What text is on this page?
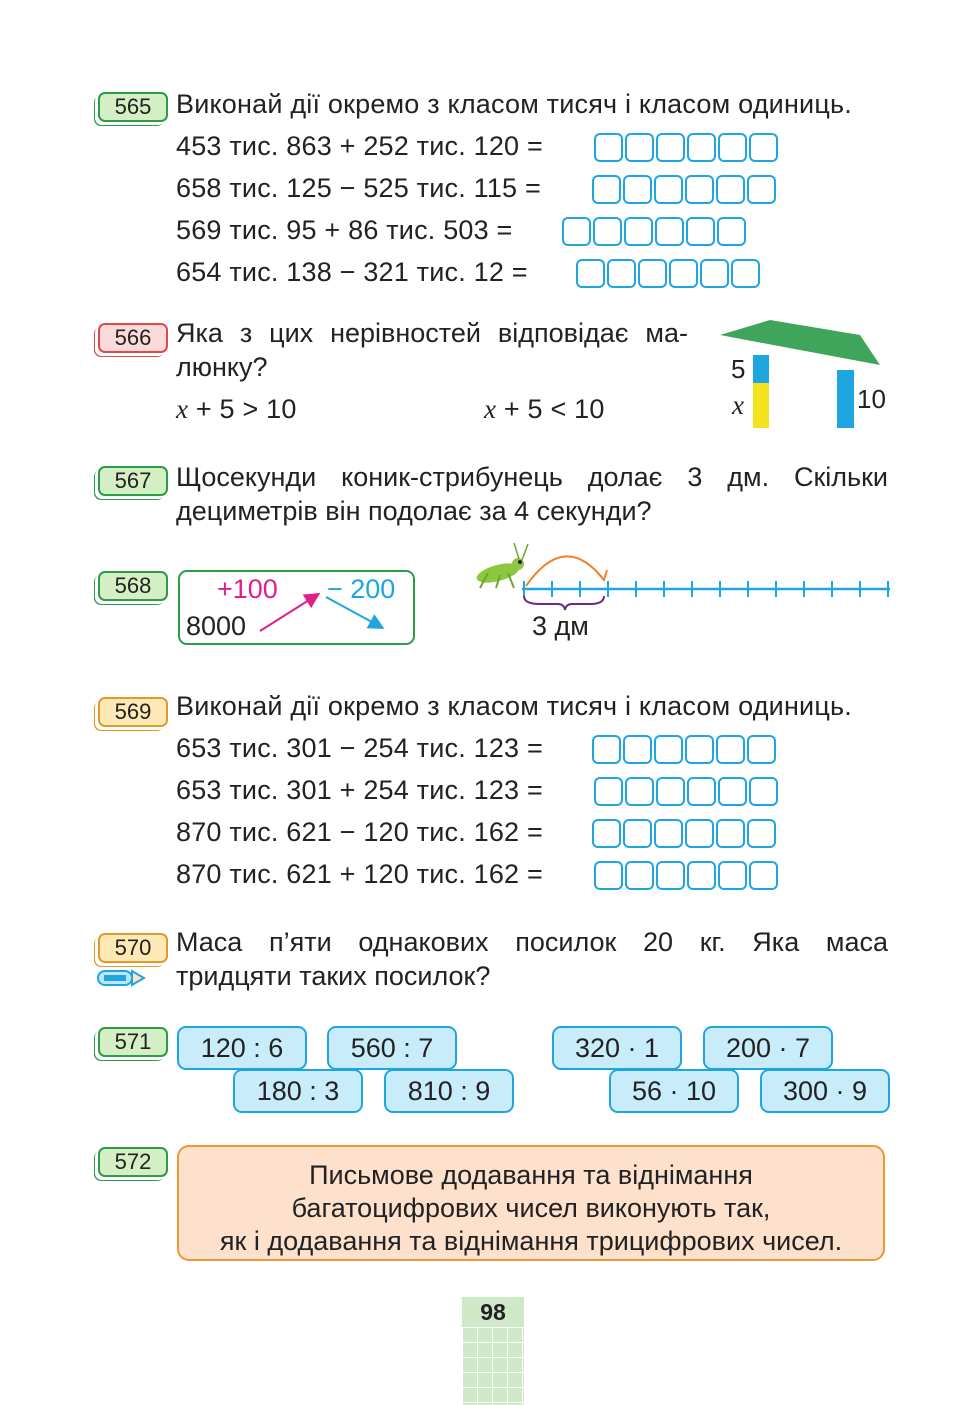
565 Виконай дії окремо з класом тисяч і класом одиниць.
453 тис. 863 + 252 тис. 120 =
658 тис. 125 − 525 тис. 115 =
569 тис. 95 + 86 тис. 503 =
654 тис. 138 − 321 тис. 12 =
566 Яка з цих нерівностей відповідає ма-
люнку?
x + 5 > 10	x + 5 < 10
5
x	10
567 Щосекунди коник-стрибунець долає 3 дм. Скільки
дециметрів він подолає за 4 секунди?
568	+100 − 200
8000	3 дм
569 Виконай дії окремо з класом тисяч і класом одиниць.
653 тис. 301 − 254 тис. 123 =
653 тис. 301 + 254 тис. 123 =
870 тис. 621 − 120 тис. 162 =
870 тис. 621 + 120 тис. 162 =
570 Маса п’яти однакових посилок 20 кг. Яка маса
тридцяти таких посилок?
571	120 : 6	560 : 7
180 : 3	810 : 9
320 · 1	200 · 7
56 · 10	300 · 9
572	Письмове додавання та віднімання
багатоцифрових чисел виконують так,
як і додавання та віднімання трицифрових чисел.
98
